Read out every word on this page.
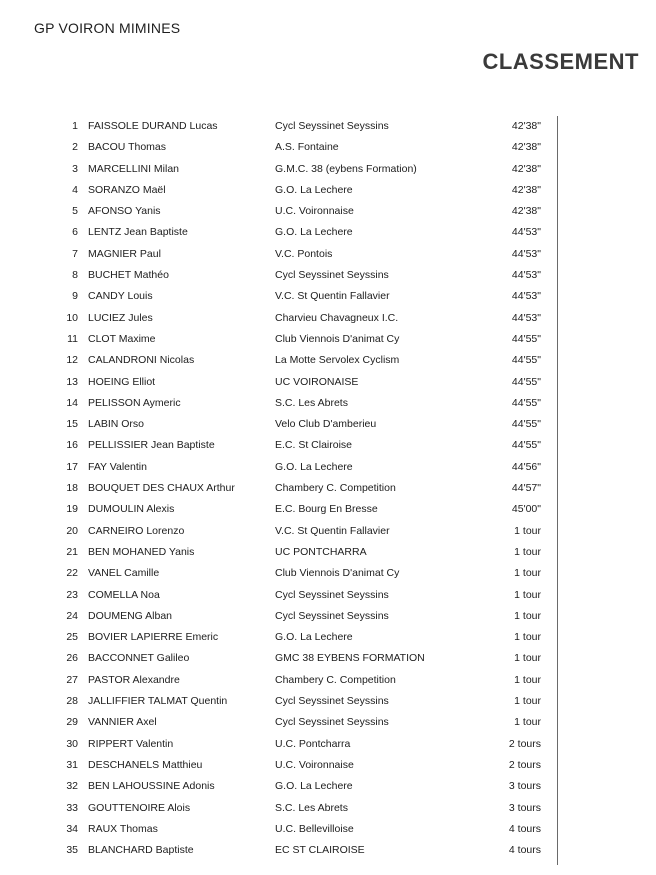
GP VOIRON MIMINES
CLASSEMENT
1 FAISSOLE DURAND Lucas	Cycl Seyssinet Seyssins	42'38"
2 BACOU Thomas	A.S. Fontaine	42'38"
3 MARCELLINI Milan	G.M.C. 38 (eybens Formation)	42'38"
4 SORANZO Maël	G.O. La Lechere	42'38"
5 AFONSO Yanis	U.C. Voironnaise	42'38"
6 LENTZ Jean Baptiste	G.O. La Lechere	44'53"
7 MAGNIER Paul	V.C. Pontois	44'53"
8 BUCHET Mathéo	Cycl Seyssinet Seyssins	44'53"
9 CANDY Louis	V.C. St Quentin Fallavier	44'53"
10 LUCIEZ Jules	Charvieu Chavagneux I.C.	44'53"
11 CLOT Maxime	Club Viennois D'animat Cy	44'55"
12 CALANDRONI Nicolas	La Motte Servolex Cyclism	44'55"
13 HOEING Elliot	UC VOIRONAISE	44'55"
14 PELISSON Aymeric	S.C. Les Abrets	44'55"
15 LABIN Orso	Velo Club D'amberieu	44'55"
16 PELLISSIER Jean Baptiste	E.C. St Clairoise	44'55"
17 FAY Valentin	G.O. La Lechere	44'56"
18 BOUQUET DES CHAUX Arthur	Chambery C. Competition	44'57"
19 DUMOULIN Alexis	E.C. Bourg En Bresse	45'00"
20 CARNEIRO Lorenzo	V.C. St Quentin Fallavier	1 tour
21 BEN MOHANED Yanis	UC PONTCHARRA	1 tour
22 VANEL Camille	Club Viennois D'animat Cy	1 tour
23 COMELLA Noa	Cycl Seyssinet Seyssins	1 tour
24 DOUMENG Alban	Cycl Seyssinet Seyssins	1 tour
25 BOVIER LAPIERRE Emeric	G.O. La Lechere	1 tour
26 BACCONNET Galileo	GMC 38 EYBENS FORMATION	1 tour
27 PASTOR Alexandre	Chambery C. Competition	1 tour
28 JALLIFFIER TALMAT Quentin	Cycl Seyssinet Seyssins	1 tour
29 VANNIER Axel	Cycl Seyssinet Seyssins	1 tour
30 RIPPERT Valentin	U.C. Pontcharra	2 tours
31 DESCHANELS Matthieu	U.C. Voironnaise	2 tours
32 BEN LAHOUSSINE Adonis	G.O. La Lechere	3 tours
33 GOUTTENOIRE Alois	S.C. Les Abrets	3 tours
34 RAUX Thomas	U.C. Bellevilloise	4 tours
35 BLANCHARD Baptiste	EC ST CLAIROISE	4 tours
